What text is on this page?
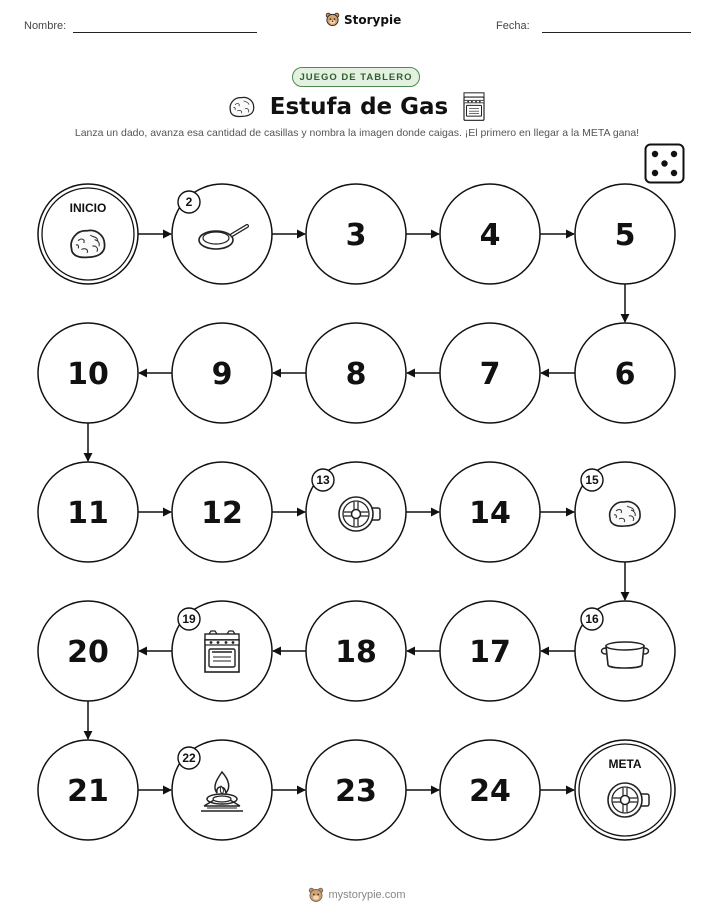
Nombre:	Storypie	Fecha:
JUEGO DE TABLERO
Estufa de Gas
Lanza un dado, avanza esa cantidad de casillas y nombra la imagen donde caigas. ¡El primero en llegar a la META gana!
INICIO	2
3	4	5
6
7
8
9
10
11	12
13
14
15
16
17
18
19
20
21
22
23	24
META
mystorypie.com
